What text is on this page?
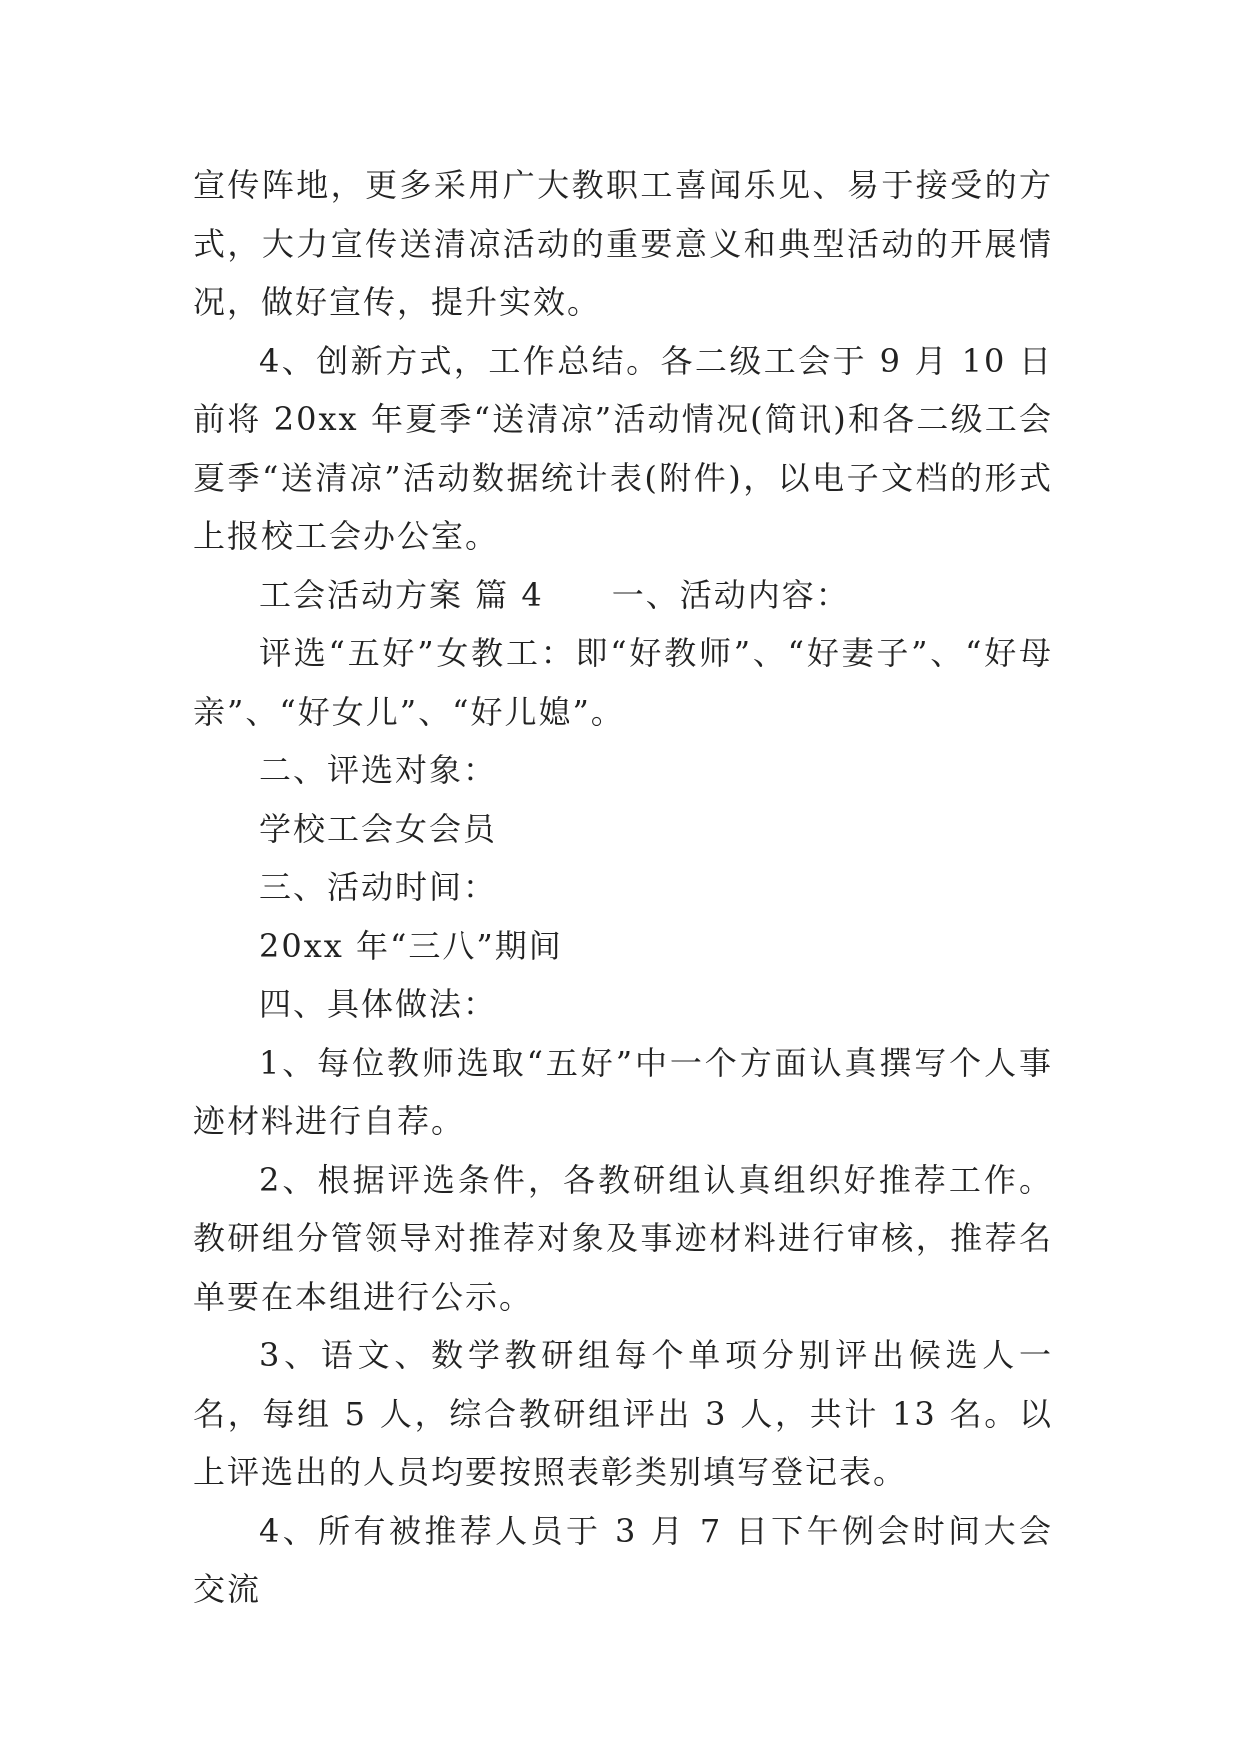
宣传阵地，更多采用广大教职工喜闻乐见、易于接受的方式，大力宣传送清凉活动的重要意义和典型活动的开展情况，做好宣传，提升实效。

4、创新方式，工作总结。各二级工会于 9 月 10 日前将 20xx 年夏季“送清凉”活动情况(简讯)和各二级工会夏季“送清凉”活动数据统计表(附件)，以电子文档的形式上报校工会办公室。

工会活动方案 篇 4　　一、活动内容：

评选“五好”女教工：即“好教师”、“好妻子”、“好母亲”、“好女儿”、“好儿媳”。

二、评选对象：

学校工会女会员

三、活动时间：

20xx 年“三八”期间

四、具体做法：

1、每位教师选取“五好”中一个方面认真撰写个人事迹材料进行自荐。

2、根据评选条件，各教研组认真组织好推荐工作。教研组分管领导对推荐对象及事迹材料进行审核，推荐名单要在本组进行公示。

3、语文、数学教研组每个单项分别评出候选人一名，每组 5 人，综合教研组评出 3 人，共计 13 名。以上评选出的人员均要按照表彰类别填写登记表。

4、所有被推荐人员于 3 月 7 日下午例会时间大会交流
